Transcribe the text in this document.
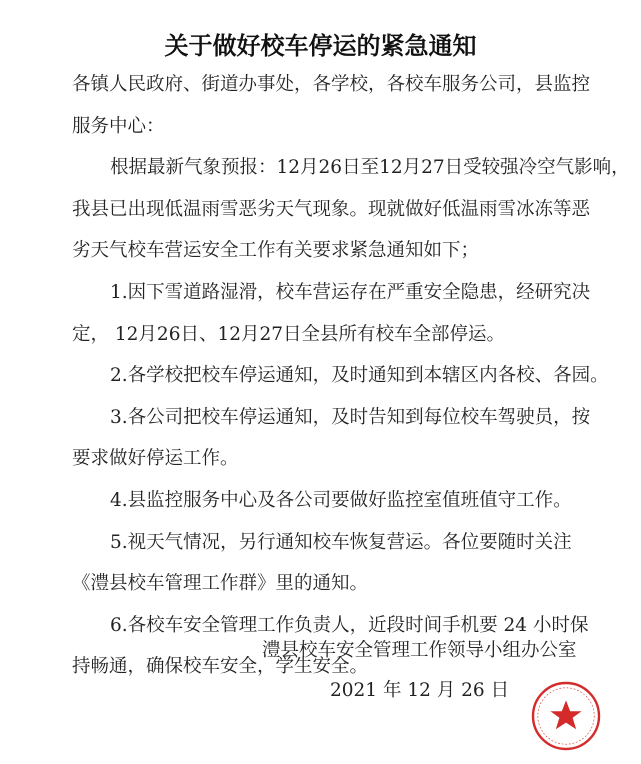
关于做好校车停运的紧急通知
各镇人民政府、街道办事处，各学校，各校车服务公司，县监控
服务中心：
根据最新气象预报：12月26日至12月27日受较强冷空气影响，
我县已出现低温雨雪恶劣天气现象。现就做好低温雨雪冰冻等恶
劣天气校车营运安全工作有关要求紧急通知如下；
1.因下雪道路湿滑，校车营运存在严重安全隐患，经研究决
定， 12月26日、12月27日全县所有校车全部停运。
2.各学校把校车停运通知，及时通知到本辖区内各校、各园。
3.各公司把校车停运通知，及时告知到每位校车驾驶员，按
要求做好停运工作。
4.县监控服务中心及各公司要做好监控室值班值守工作。
5.视天气情况，另行通知校车恢复营运。各位要随时关注
《澧县校车管理工作群》里的通知。
6.各校车安全管理工作负责人，近段时间手机要 24 小时保
持畅通，确保校车安全，学生安全。
澧县校车安全管理工作领导小组办公室
2021 年 12 月 26 日
